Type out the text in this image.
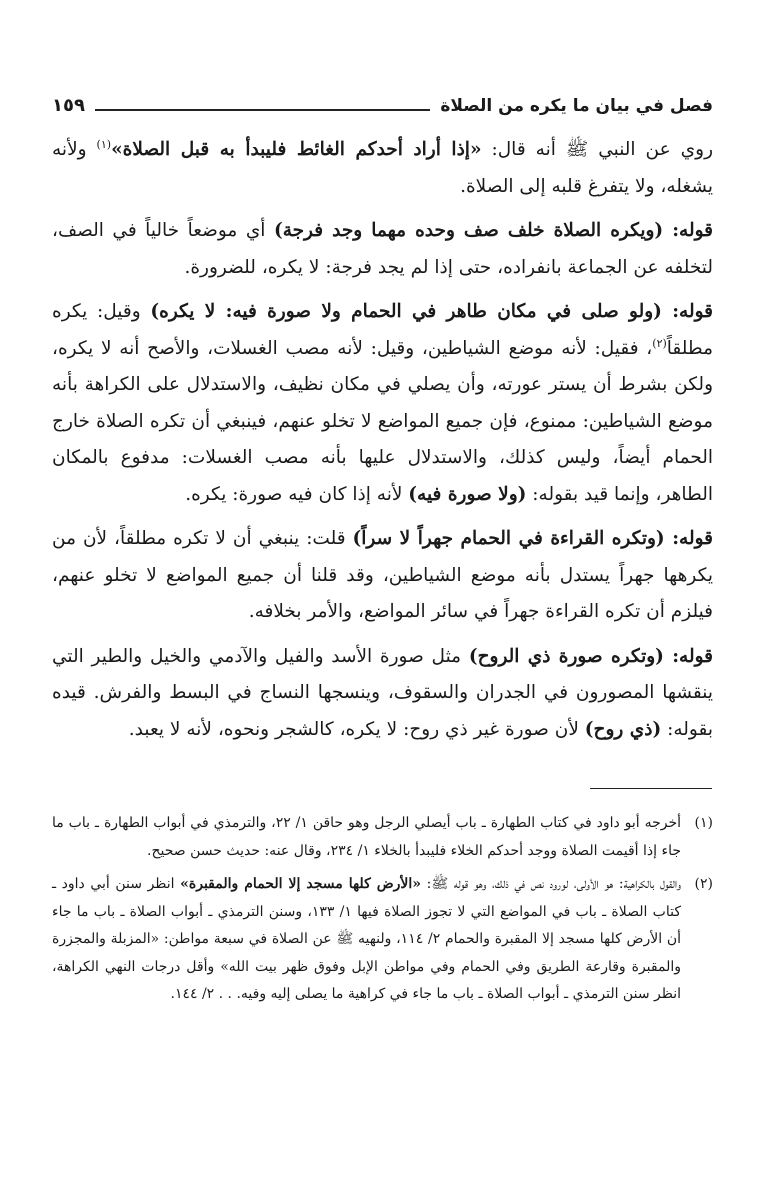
فصل في بيان ما يكره من الصلاة
١٥٩

روي عن النبي ﷺ أنه قال: «إذا أراد أحدكم الغائط فليبدأ به قبل الصلاة»$^{(١)}$ ولأنه يشغله، ولا يتفرغ قلبه إلى الصلاة.

قوله: (ويكره الصلاة خلف صف وحده مهما وجد فرجة) أي موضعاً خالياً في الصف، لتخلفه عن الجماعة بانفراده، حتى إذا لم يجد فرجة: لا يكره، للضرورة.

قوله: (ولو صلى في مكان طاهر في الحمام ولا صورة فيه: لا يكره) وقيل: يكره مطلقاً$^{(٢)}$، فقيل: لأنه موضع الشياطين، وقيل: لأنه مصب الغسلات، والأصح أنه لا يكره، ولكن بشرط أن يستر عورته، وأن يصلي في مكان نظيف، والاستدلال على الكراهة بأنه موضع الشياطين: ممنوع، فإن جميع المواضع لا تخلو عنهم، فينبغي أن تكره الصلاة خارج الحمام أيضاً، وليس كذلك، والاستدلال عليها بأنه مصب الغسلات: مدفوع بالمكان الطاهر، وإنما قيد بقوله: (ولا صورة فيه) لأنه إذا كان فيه صورة: يكره.

قوله: (وتكره القراءة في الحمام جهراً لا سراً) قلت: ينبغي أن لا تكره مطلقاً، لأن من يكرهها جهراً يستدل بأنه موضع الشياطين، وقد قلنا أن جميع المواضع لا تخلو عنهم، فيلزم أن تكره القراءة جهراً في سائر المواضع، والأمر بخلافه.

قوله: (وتكره صورة ذي الروح) مثل صورة الأسد والفيل والآدمي والخيل والطير التي ينقشها المصورون في الجدران والسقوف، وينسجها النساج في البسط والفرش. قيده بقوله: (ذي روح) لأن صورة غير ذي روح: لا يكره، كالشجر ونحوه، لأنه لا يعبد.

(١)
أخرجه أبو داود في كتاب الطهارة ـ باب أيصلي الرجل وهو حاقن ١/ ٢٢، والترمذي في أبواب الطهارة ـ باب ما جاء إذا أقيمت الصلاة ووجد أحدكم الخلاء فليبدأ بالخلاء ١/ ٢٣٤، وقال عنه: حديث حسن صحيح.
(٢)
والقول بالكراهية: هو الأولى، لورود نص في ذلك، وهو قوله ﷺ: «الأرض كلها مسجد إلا الحمام والمقبرة» انظر سنن أبي داود ـ كتاب الصلاة ـ باب في المواضع التي لا تجوز الصلاة فيها ١/ ١٣٣، وسنن الترمذي ـ أبواب الصلاة ـ باب ما جاء أن الأرض كلها مسجد إلا المقبرة والحمام ٢/ ١١٤، ولنهيه ﷺ عن الصلاة في سبعة مواطن: «المزبلة والمجزرة والمقبرة وقارعة الطريق وفي الحمام وفي مواطن الإبل وفوق ظهر بيت الله» وأقل درجات النهي الكراهة، انظر سنن الترمذي ـ أبواب الصلاة ـ باب ما جاء في كراهية ما يصلى إليه وفيه. . . ٢/ ١٤٤.
